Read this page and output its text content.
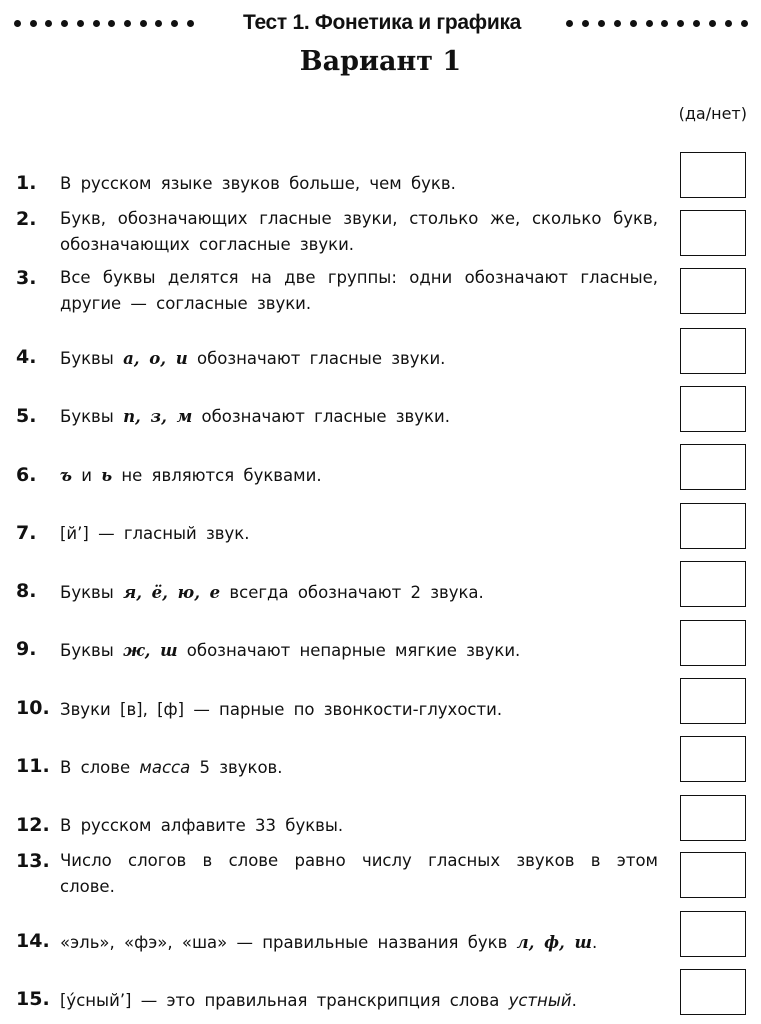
Тест 1. Фонетика и графика
Вариант 1
(да/нет)
1. В русском языке звуков больше, чем букв.
2. Букв, обозначающих гласные звуки, столько же, сколько букв, обозначающих согласные звуки.
3. Все буквы делятся на две группы: одни обозначают гласные, другие — согласные звуки.
4. Буквы а, о, и обозначают гласные звуки.
5. Буквы п, з, м обозначают гласные звуки.
6. ъ и ь не являются буквами.
7. [й’] — гласный звук.
8. Буквы я, ё, ю, е всегда обозначают 2 звука.
9. Буквы ж, ш обозначают непарные мягкие звуки.
10. Звуки [в], [ф] — парные по звонкости-глухости.
11. В слове масса 5 звуков.
12. В русском алфавите 33 буквы.
13. Число слогов в слове равно числу гласных звуков в этом слове.
14. «эль», «фэ», «ша» — правильные названия букв л, ф, ш.
15. [у́сный’] — это правильная транскрипция слова устный.
